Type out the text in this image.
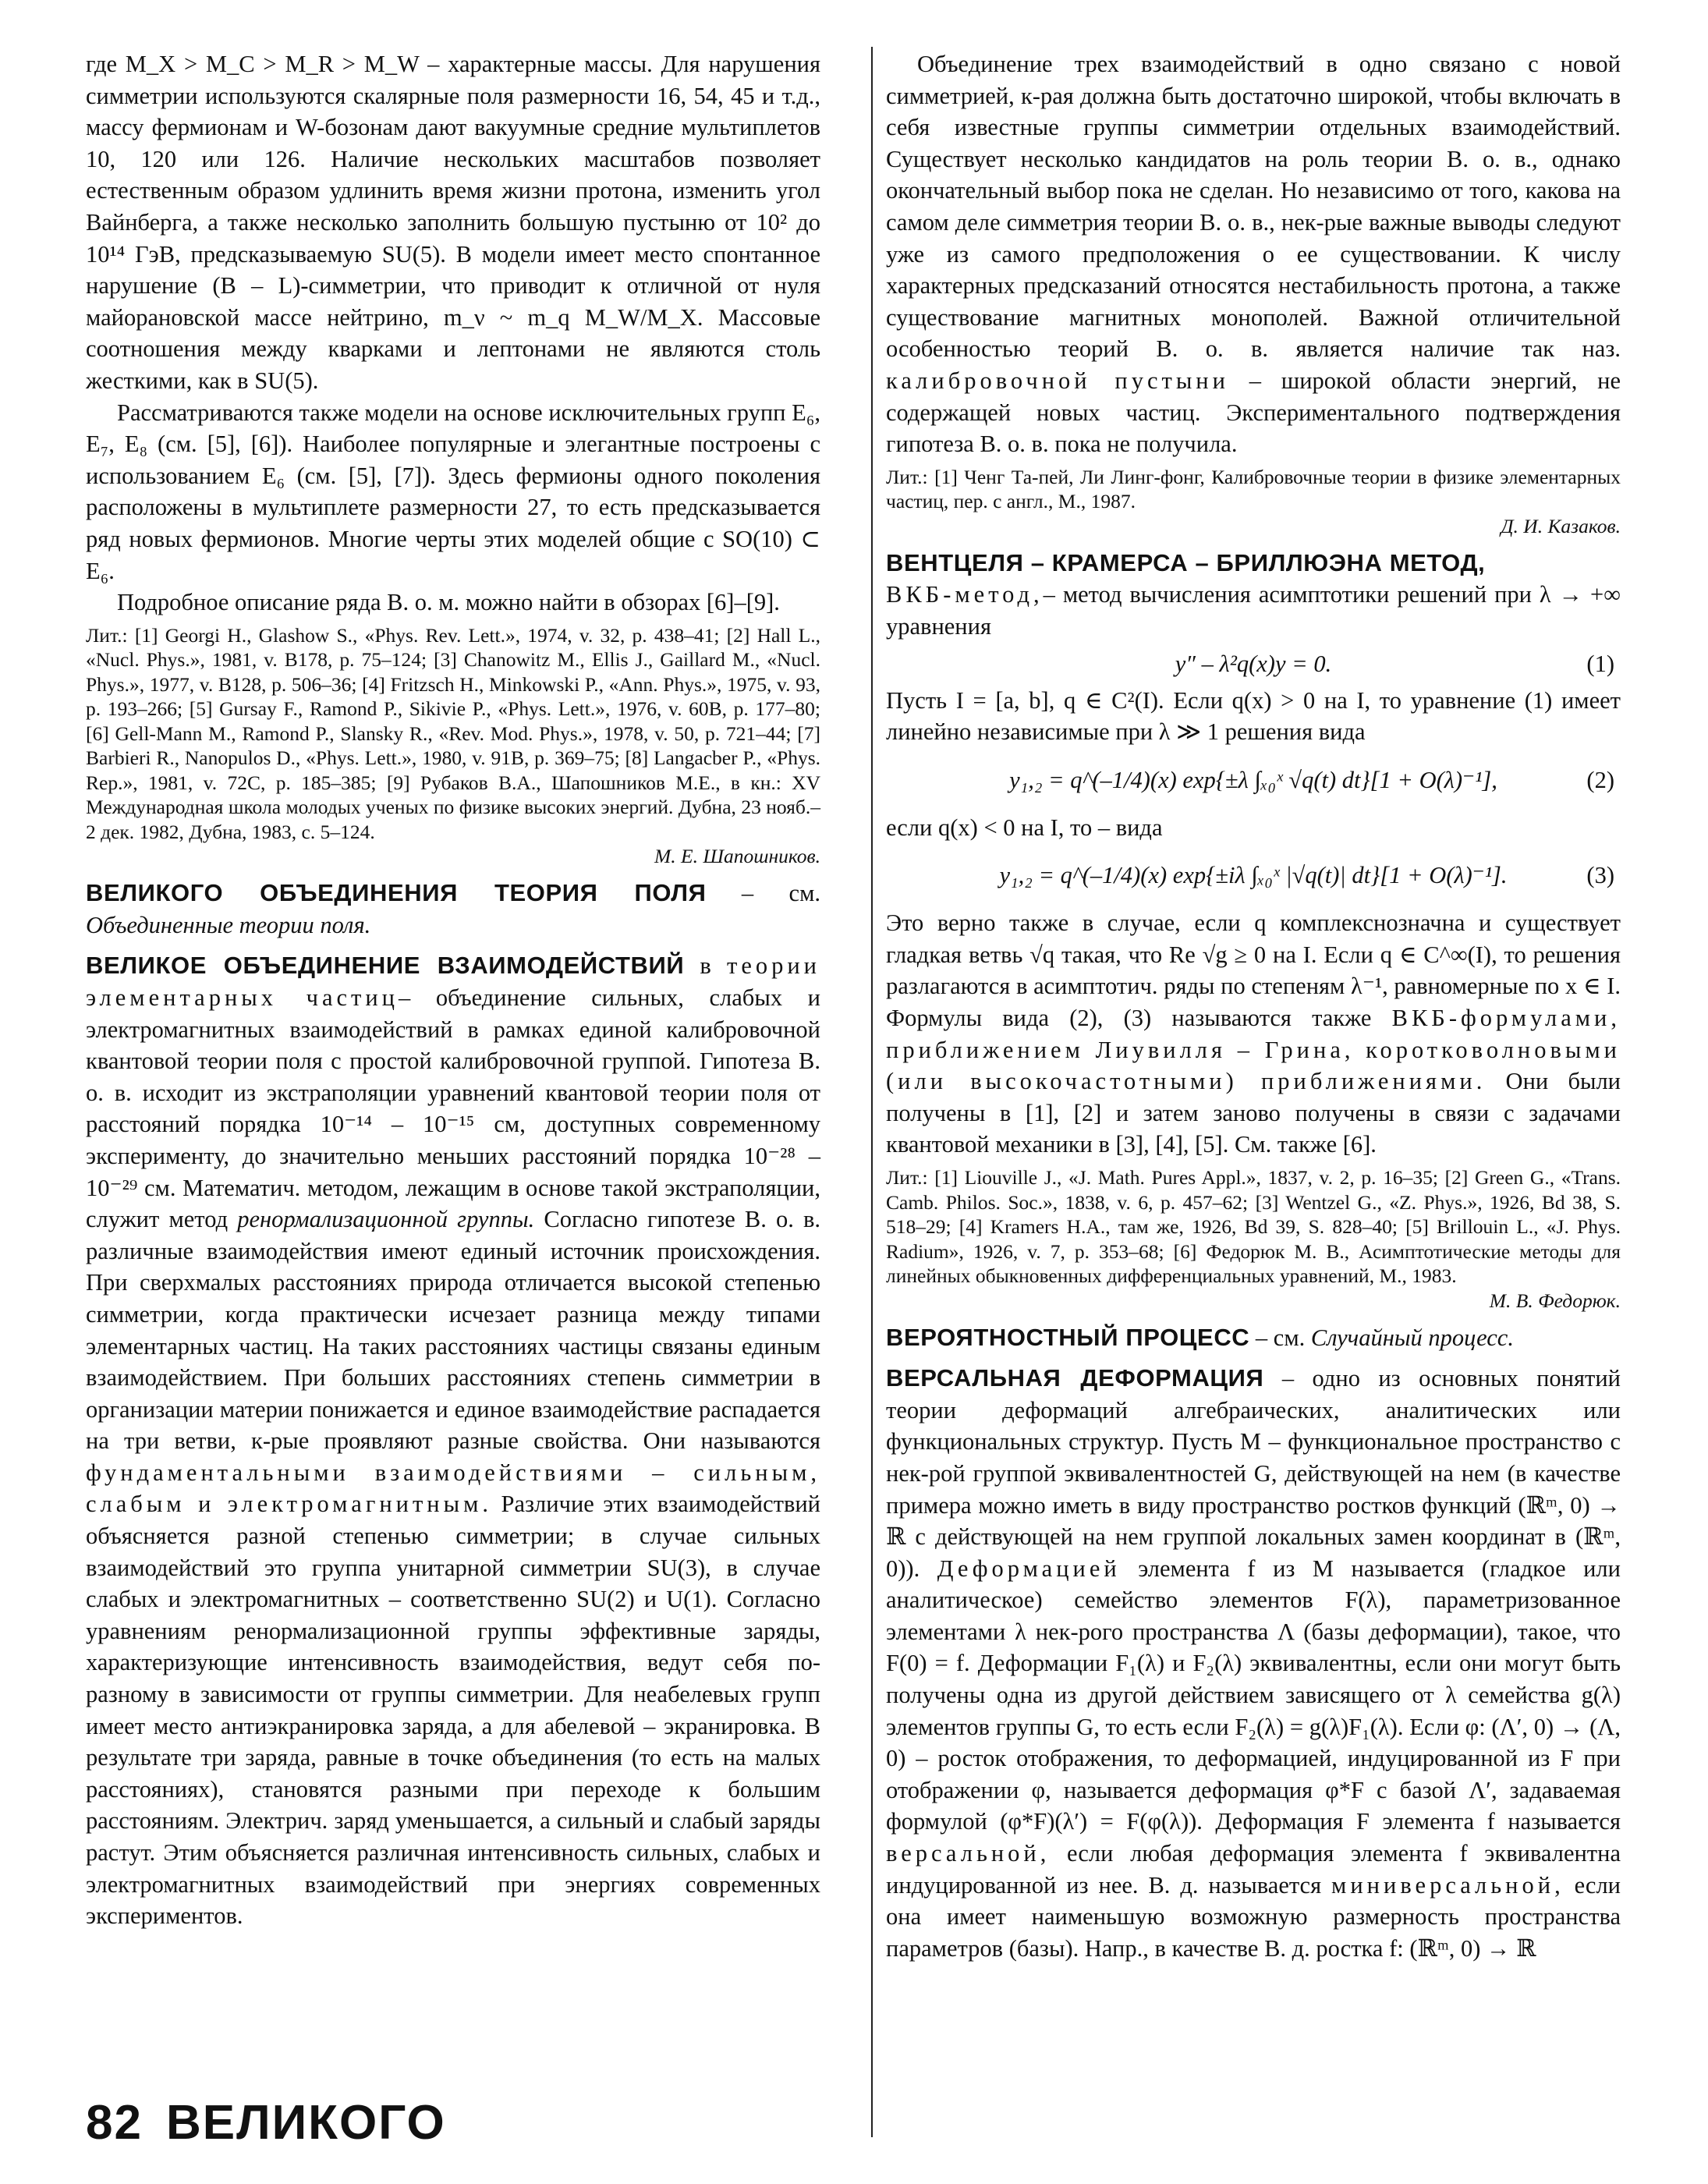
где M_X > M_C > M_R > M_W – характерные массы. Для нарушения симметрии используются скалярные поля размерности 16, 54, 45 и т.д., массу фермионам и W-бозонам дают вакуумные средние мультиплетов 10, 120 или 126. Наличие нескольких масштабов позволяет естественным образом удлинить время жизни протона, изменить угол Вайнберга, а также несколько заполнить большую пустыню от 10² до 10¹⁴ ГэВ, предсказываемую SU(5). В модели имеет место спонтанное нарушение (B – L)-симметрии, что приводит к отличной от нуля майорановской массе нейтрино, m_ν ~ m_q M_W/M_X. Массовые соотношения между кварками и лептонами не являются столь жесткими, как в SU(5).

Рассматриваются также модели на основе исключительных групп E₆, E₇, E₈ (см. [5], [6]). Наиболее популярные и элегантные построены с использованием E₆ (см. [5], [7]). Здесь фермионы одного поколения расположены в мультиплете размерности 27, то есть предсказывается ряд новых фермионов. Многие черты этих моделей общие с SO(10) ⊂ E₆.

Подробное описание ряда В. о. м. можно найти в обзорах [6]–[9].

Лит.: [1] Georgi H., Glashow S., «Phys. Rev. Lett.», 1974, v. 32, p. 438–41; [2] Hall L., «Nucl. Phys.», 1981, v. B178, p. 75–124; [3] Chanowitz M., Ellis J., Gaillard M., «Nucl. Phys.», 1977, v. B128, p. 506–36; [4] Fritzsch H., Minkowski P., «Ann. Phys.», 1975, v. 93, p. 193–266; [5] Gursay F., Ramond P., Sikivie P., «Phys. Lett.», 1976, v. 60B, p. 177–80; [6] Gell-Mann M., Ramond P., Slansky R., «Rev. Mod. Phys.», 1978, v. 50, p. 721–44; [7] Barbieri R., Nanopulos D., «Phys. Lett.», 1980, v. 91B, p. 369–75; [8] Langacber P., «Phys. Rep.», 1981, v. 72C, p. 185–385; [9] Рубаков В.А., Шапошников М.Е., в кн.: XV Международная школа молодых ученых по физике высоких энергий. Дубна, 23 нояб.–2 дек. 1982, Дубна, 1983, с. 5–124.

М. Е. Шапошников.

ВЕЛИКОГО ОБЪЕДИНЕНИЯ ТЕОРИЯ ПОЛЯ – см. Объединенные теории поля.

ВЕЛИКОЕ ОБЪЕДИНЕНИЕ ВЗАИМОДЕЙСТВИЙ в теории элементарных частиц– объединение сильных, слабых и электромагнитных взаимодействий в рамках единой калибровочной квантовой теории поля с простой калибровочной группой. Гипотеза В. о. в. исходит из экстраполяции уравнений квантовой теории поля от расстояний порядка 10⁻¹⁴ – 10⁻¹⁵ см, доступных современному эксперименту, до значительно меньших расстояний порядка 10⁻²⁸ – 10⁻²⁹ см. Математич. методом, лежащим в основе такой экстраполяции, служит метод ренормализационной группы. Согласно гипотезе В. о. в. различные взаимодействия имеют единый источник происхождения. При сверхмалых расстояниях природа отличается высокой степенью симметрии, когда практически исчезает разница между типами элементарных частиц. На таких расстояниях частицы связаны единым взаимодействием. При больших расстояниях степень симметрии в организации материи понижается и единое взаимодействие распадается на три ветви, к-рые проявляют разные свойства. Они называются фундаментальными взаимодействиями – сильным, слабым и электромагнитным. Различие этих взаимодействий объясняется разной степенью симметрии; в случае сильных взаимодействий это группа унитарной симметрии SU(3), в случае слабых и электромагнитных – соответственно SU(2) и U(1). Согласно уравнениям ренормализационной группы эффективные заряды, характеризующие интенсивность взаимодействия, ведут себя по-разному в зависимости от группы симметрии. Для неабелевых групп имеет место антиэкранировка заряда, а для абелевой – экранировка. В результате три заряда, равные в точке объединения (то есть на малых расстояниях), становятся разными при переходе к большим расстояниям. Электрич. заряд уменьшается, а сильный и слабый заряды растут. Этим объясняется различная интенсивность сильных, слабых и электромагнитных взаимодействий при энергиях современных экспериментов.

Объединение трех взаимодействий в одно связано с новой симметрией, к-рая должна быть достаточно широкой, чтобы включать в себя известные группы симметрии отдельных взаимодействий. Существует несколько кандидатов на роль теории В. о. в., однако окончательный выбор пока не сделан. Но независимо от того, какова на самом деле симметрия теории В. о. в., нек-рые важные выводы следуют уже из самого предположения о ее существовании. К числу характерных предсказаний относятся нестабильность протона, а также существование магнитных монополей. Важной отличительной особенностью теорий В. о. в. является наличие так наз. калибровочной пустыни – широкой области энергий, не содержащей новых частиц. Экспериментального подтверждения гипотеза В. о. в. пока не получила.

Лит.: [1] Ченг Та-пей, Ли Линг-фонг, Калибровочные теории в физике элементарных частиц, пер. с англ., М., 1987.

Д. И. Казаков.

ВЕНТЦЕЛЯ – КРАМЕРСА – БРИЛЛЮЭНА МЕТОД,
ВКБ-метод,– метод вычисления асимптотики решений при λ → +∞ уравнения

y″ – λ²q(x)y = 0.	(1)

Пусть I = [a, b], q ∈ C²(I). Если q(x) > 0 на I, то уравнение (1) имеет линейно независимые при λ ≫ 1 решения вида

y₁,₂ = q^(–1/4)(x) exp{±λ ∫ₓ₀ˣ √q(t) dt}[1 + O(λ)⁻¹],	(2)

если q(x) < 0 на I, то – вида

y₁,₂ = q^(–1/4)(x) exp{±iλ ∫ₓ₀ˣ |√q(t)| dt}[1 + O(λ)⁻¹].	(3)

Это верно также в случае, если q комплекснозначна и существует гладкая ветвь √q такая, что Re √g ≥ 0 на I. Если q ∈ C^∞(I), то решения разлагаются в асимптотич. ряды по степеням λ⁻¹, равномерные по x ∈ I. Формулы вида (2), (3) называются также ВКБ-формулами, приближением Лиувилля – Грина, коротковолновыми (или высокочастотными) приближениями. Они были получены в [1], [2] и затем заново получены в связи с задачами квантовой механики в [3], [4], [5]. См. также [6].

Лит.: [1] Liouville J., «J. Math. Pures Appl.», 1837, v. 2, p. 16–35; [2] Green G., «Trans. Camb. Philos. Soc.», 1838, v. 6, p. 457–62; [3] Wentzel G., «Z. Phys.», 1926, Bd 38, S. 518–29; [4] Kramers H.A., там же, 1926, Bd 39, S. 828–40; [5] Brillouin L., «J. Phys. Radium», 1926, v. 7, p. 353–68; [6] Федорюк М. В., Асимптотические методы для линейных обыкновенных дифференциальных уравнений, М., 1983.

М. В. Федорюк.

ВЕРОЯТНОСТНЫЙ ПРОЦЕСС – см. Случайный процесс.

ВЕРСАЛЬНАЯ ДЕФОРМАЦИЯ – одно из основных понятий теории деформаций алгебраических, аналитических или функциональных структур. Пусть M – функциональное пространство с нек-рой группой эквивалентностей G, действующей на нем (в качестве примера можно иметь в виду пространство ростков функций (ℝᵐ, 0) → ℝ с действующей на нем группой локальных замен координат в (ℝᵐ, 0)). Деформацией элемента f из M называется (гладкое или аналитическое) семейство элементов F(λ), параметризованное элементами λ нек-рого пространства Λ (базы деформации), такое, что F(0) = f. Деформации F₁(λ) и F₂(λ) эквивалентны, если они могут быть получены одна из другой действием зависящего от λ семейства g(λ) элементов группы G, то есть если F₂(λ) = g(λ)F₁(λ). Если φ: (Λ′, 0) → (Λ, 0) – росток отображения, то деформацией, индуцированной из F при отображении φ, называется деформация φ*F с базой Λ′, задаваемая формулой (φ*F)(λ′) = F(φ(λ)). Деформация F элемента f называется версальной, если любая деформация элемента f эквивалентна индуцированной из нее. В. д. называется миниверсальной, если она имеет наименьшую возможную размерность пространства параметров (базы). Напр., в качестве В. д. ростка f: (ℝᵐ, 0) → ℝ

82 ВЕЛИКОГО
